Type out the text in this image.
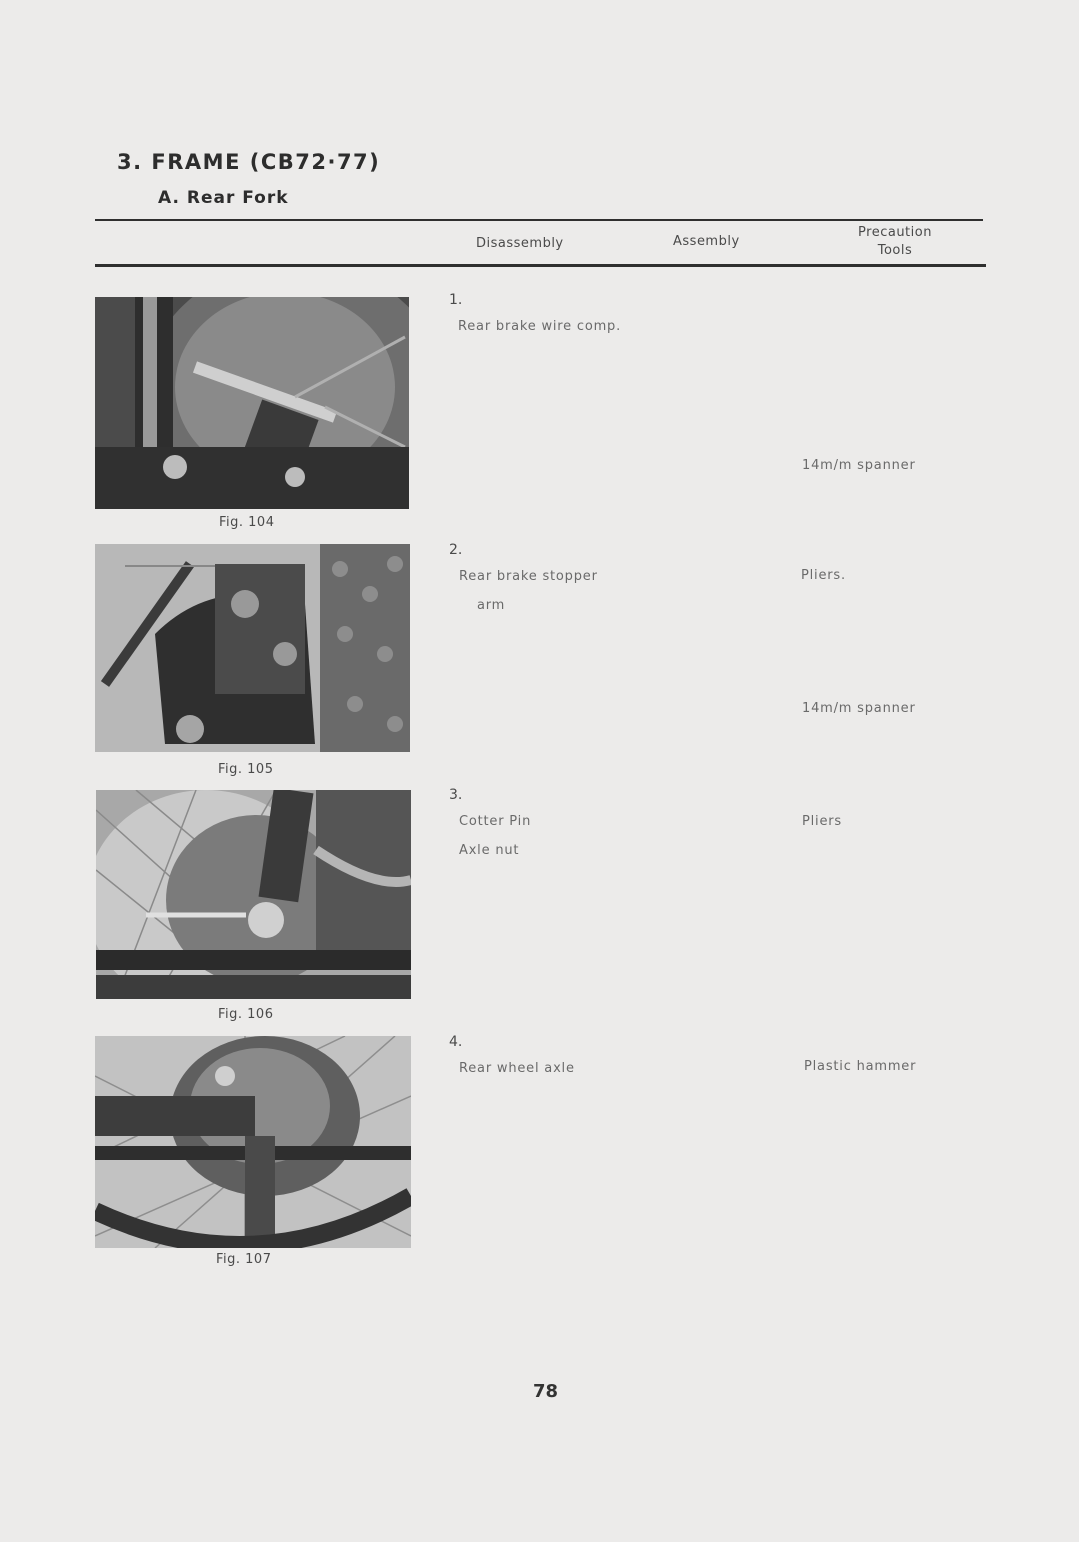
3. FRAME (CB72·77)
A. Rear Fork
Disassembly	Assembly
Precaution
Tools
Fig. 104
1.
Rear brake wire comp.
14m/m spanner
Fig. 105
2.
Rear brake stopper
arm
Pliers.
14m/m spanner
Fig. 106
3.
Cotter Pin
Axle nut
Pliers
Fig. 107
4.
Rear wheel axle	Plastic hammer
78
